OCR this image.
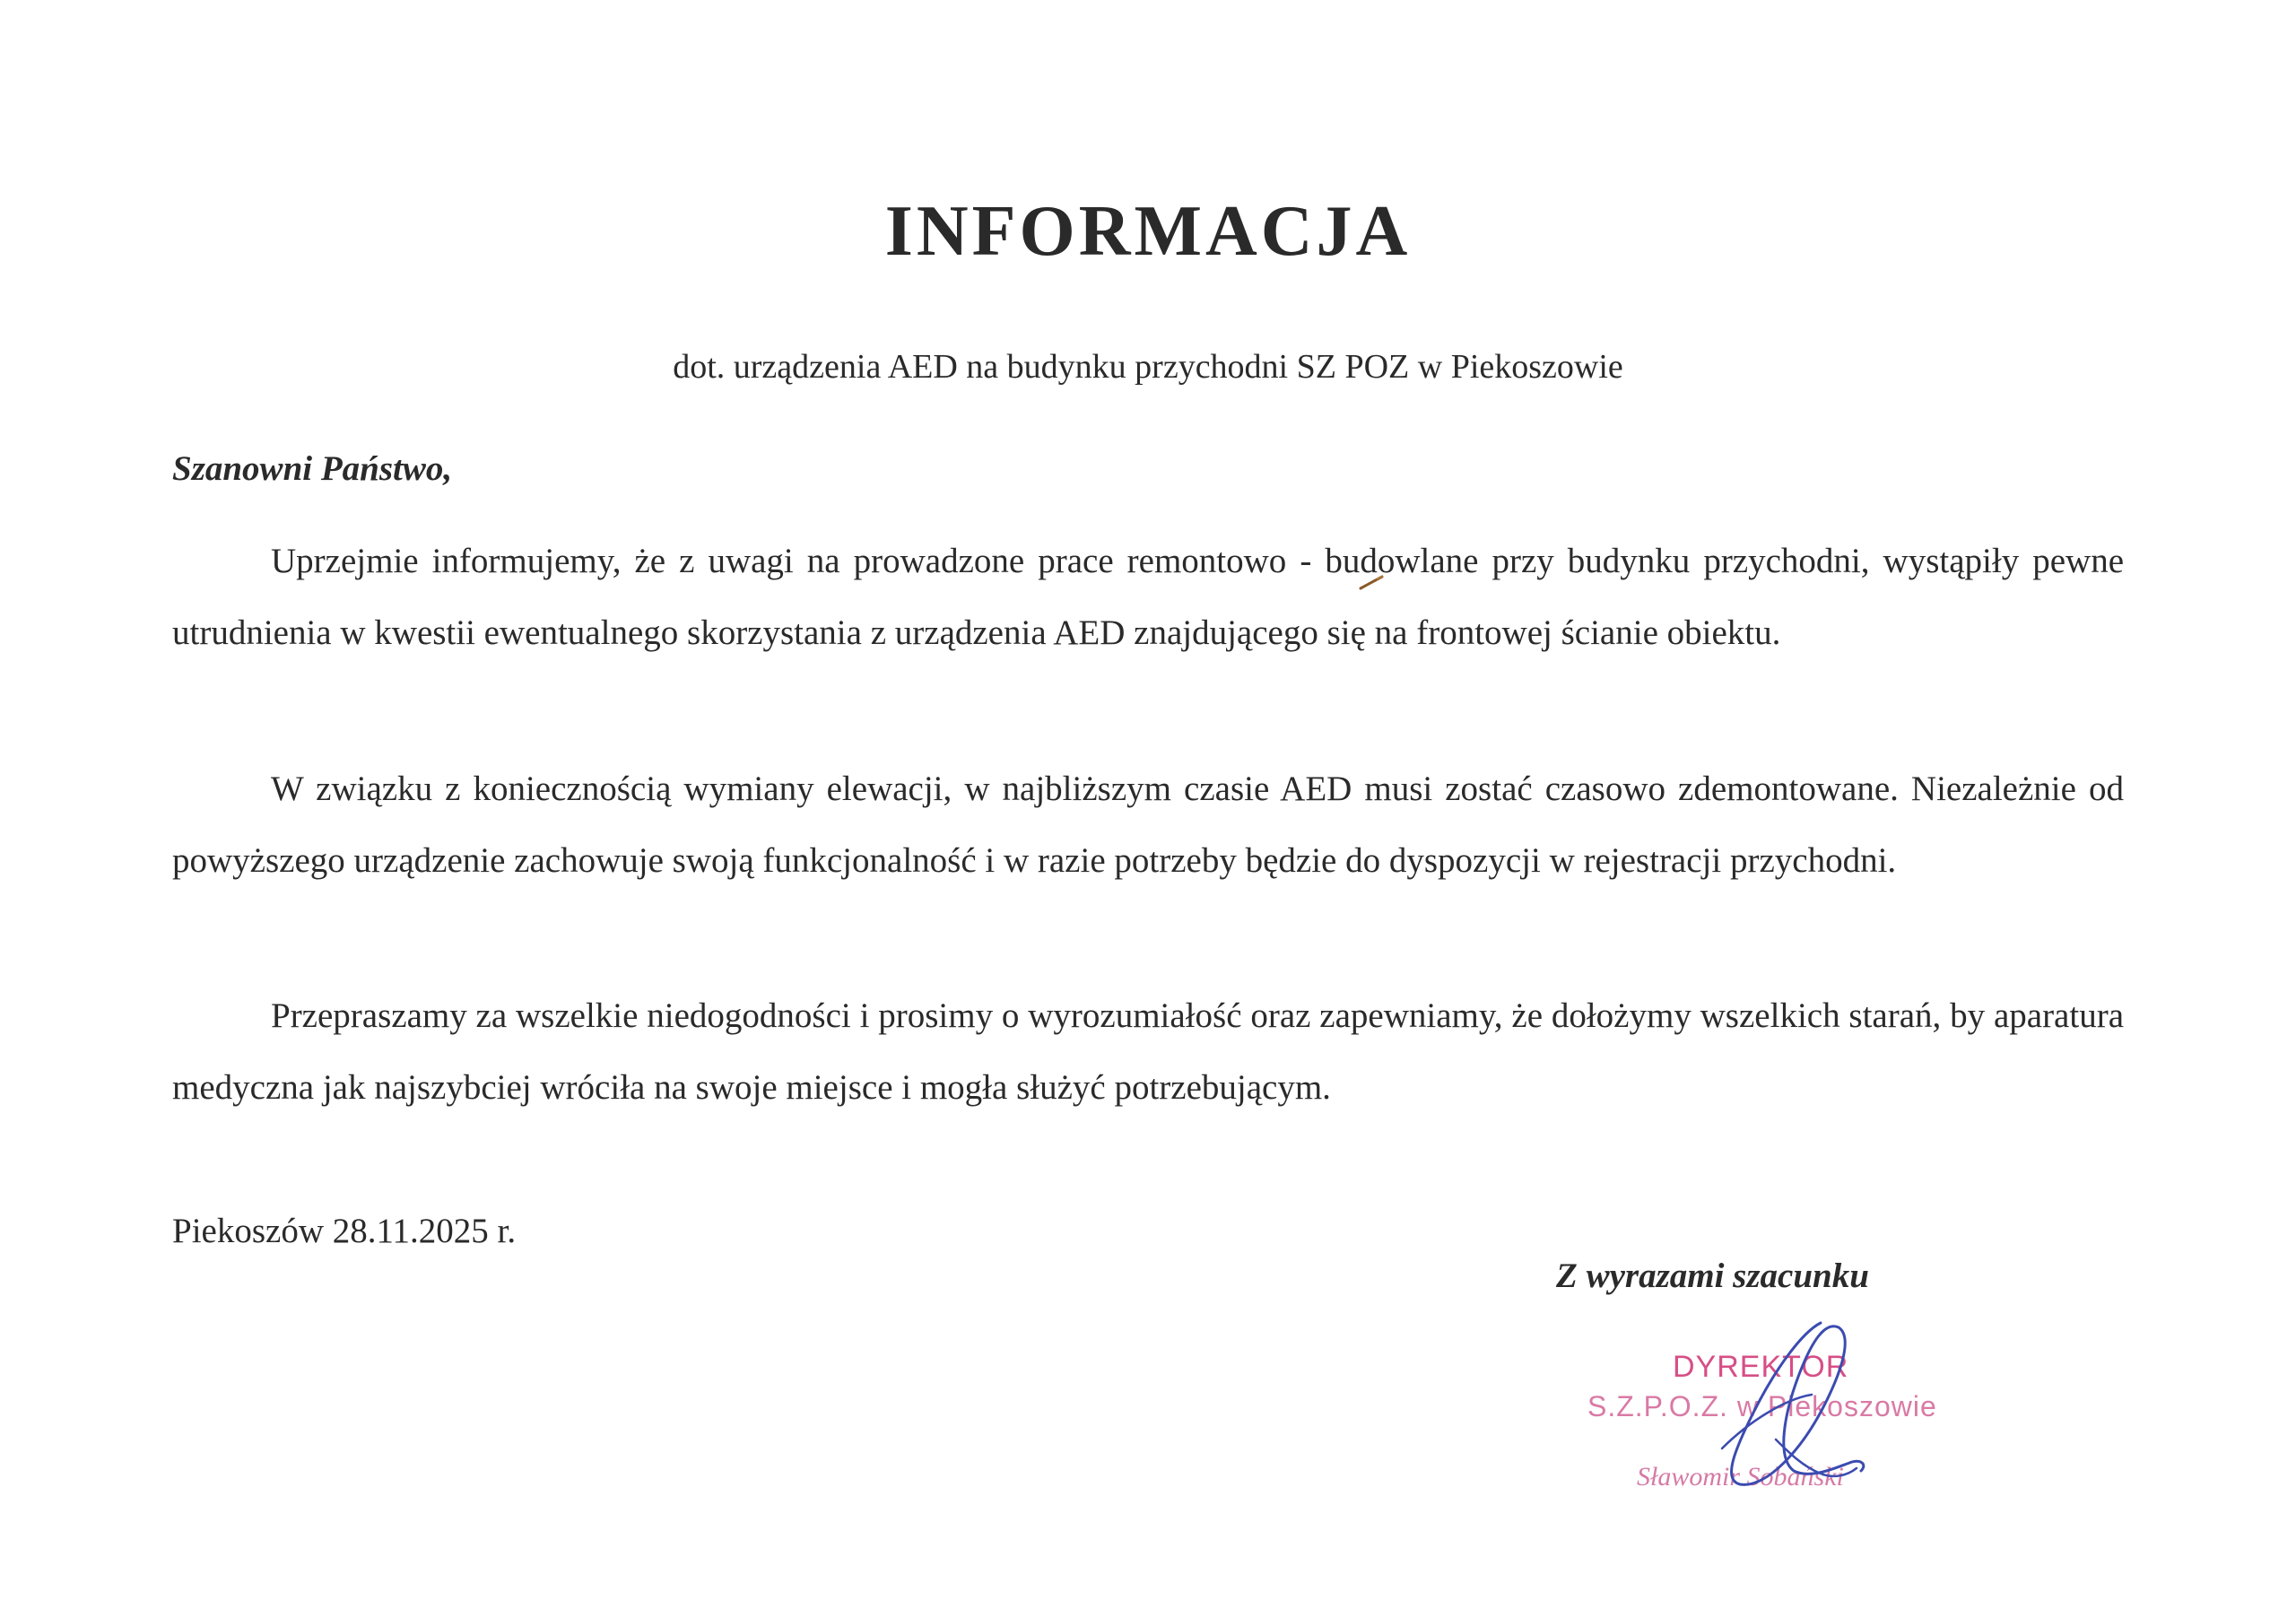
INFORMACJA
dot. urządzenia AED na budynku przychodni SZ POZ w Piekoszowie
Szanowni Państwo,
Uprzejmie informujemy, że z uwagi na prowadzone prace remontowo - budowlane przy budynku przychodni, wystąpiły pewne utrudnienia w kwestii ewentualnego skorzystania z urządzenia AED znajdującego się na frontowej ścianie obiektu.
W związku z koniecznością wymiany elewacji, w najbliższym czasie AED musi zostać czasowo zdemontowane. Niezależnie od powyższego urządzenie zachowuje swoją funkcjonalność i w razie potrzeby będzie do dyspozycji w rejestracji przychodni.
Przepraszamy za wszelkie niedogodności i prosimy o wyrozumiałość oraz zapewniamy, że dołożymy wszelkich starań, by aparatura medyczna jak najszybciej wróciła na swoje miejsce i mogła służyć potrzebującym.
Piekoszów 28.11.2025 r.
Z wyrazami szacunku
DYREKTOR
S.Z.P.O.Z. w Piekoszowie
Sławomir Sobański
